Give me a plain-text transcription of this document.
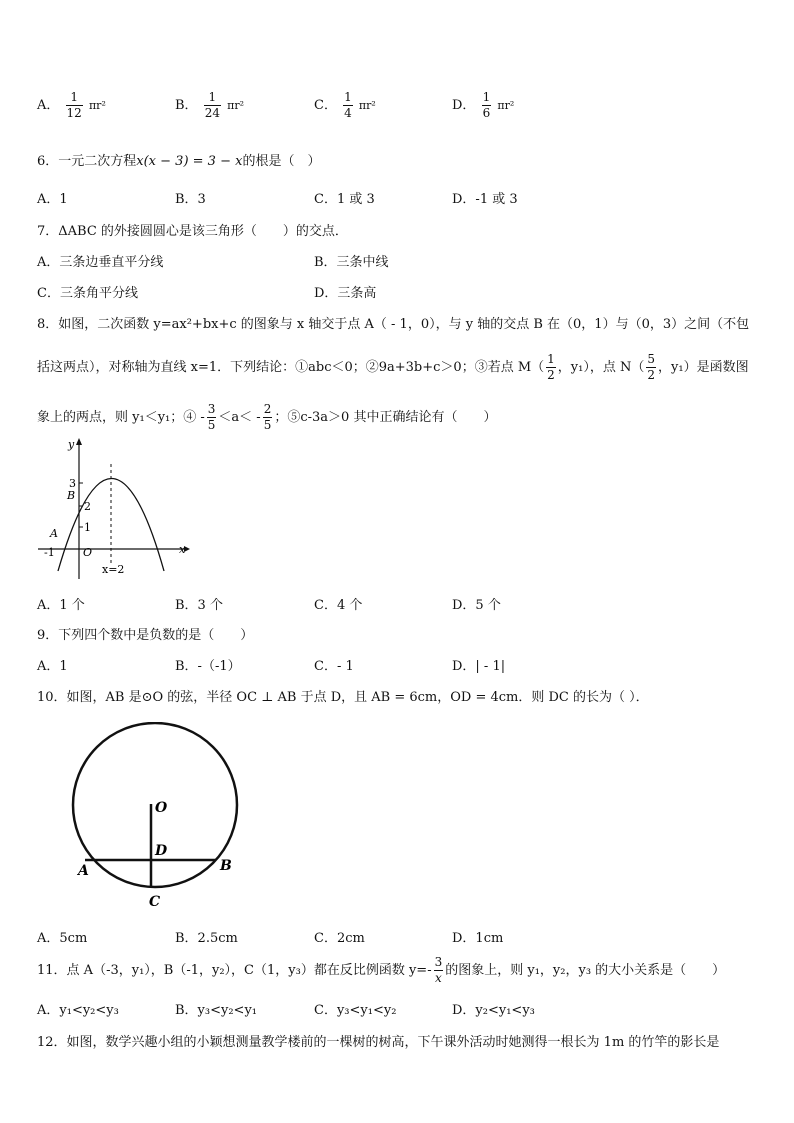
A． $\frac{1}{12} \pi r^2$	B． $\frac{1}{24} \pi r^2$	C． $\frac{1}{4} \pi r^2$	D． $\frac{1}{6} \pi r^2$
6．一元二次方程x(x − 3) = 3 − x的根是（　）
A．1	B．3	C．1 或 3	D．-1 或 3
7．ΔABC 的外接圆圆心是该三角形（　　）的交点．
A．三条边垂直平分线	B．三条中线
C．三条角平分线	D．三条高
8．如图，二次函数 y=ax²+bx+c 的图象与 x 轴交于点 A（ - 1，0），与 y 轴的交点 B 在（0，1）与（0，3）之间（不包
括这两点），对称轴为直线 x=1．下列结论：①abc＜0；②9a+3b+c＞0；③若点 $M( \frac{1}{2}$ ，y₁），点 $N( \frac{5}{2}$ ，y₁）是函数图
象上的两点，则 y₁＜y₁；④ - $\frac{3}{5} <a< - \frac{2}{5}$ ；⑤c-3a＞0 其中正确结论有（　　）
y
x
3
B
2
1
A
-1	O
x=2
A．1 个	B．3 个	C．4 个	D．5 个
9．下列四个数中是负数的是（　　）
A．1	B．-（-1）	C．- 1	D．| - 1|
10．如图，AB 是⊙O 的弦，半径 OC ⊥ AB 于点 D，且 AB = 6cm，OD = 4cm．则 DC 的长为（ ）．
O
D
A	B
C
A．5cm	B．2.5cm	C．2cm	D．1cm
11．点 A（-3，y₁），B（-1，y₂），C（1，y₃）都在反比例函数 $y=- \frac{3}{x}$ 的图象上，则 y₁，y₂，y₃ 的大小关系是（　　）
A．y₁<y₂<y₃	B．y₃<y₂<y₁	C．y₃<y₁<y₂	D．y₂<y₁<y₃
12．如图，数学兴趣小组的小颖想测量教学楼前的一棵树的树高，下午课外活动时她测得一根长为 1m 的竹竿的影长是
